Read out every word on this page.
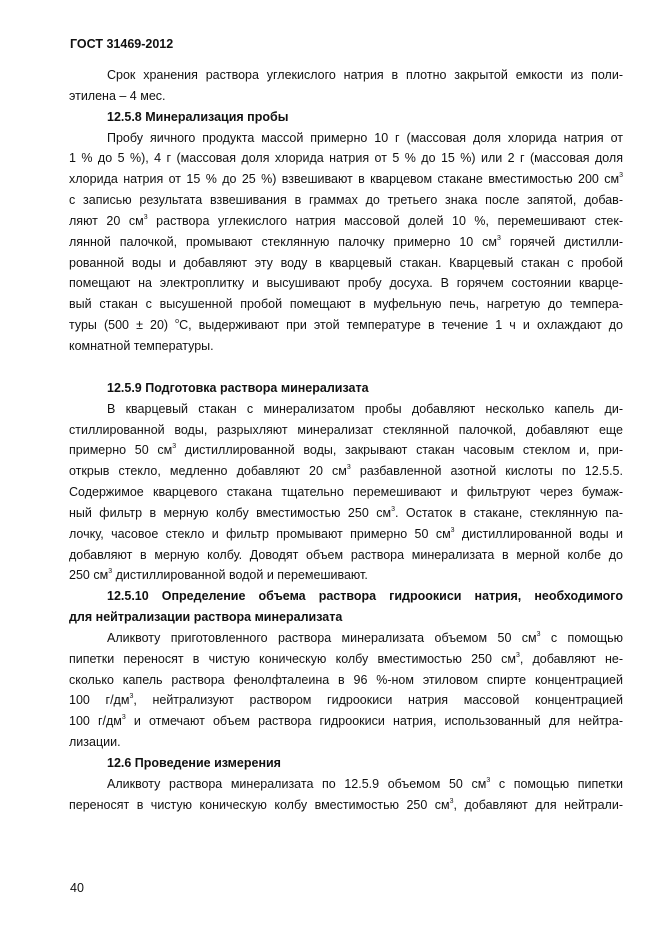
ГОСТ 31469-2012
Срок хранения раствора углекислого натрия в плотно закрытой емкости из поли-
этилена – 4 мес.
12.5.8 Минерализация пробы
Пробу яичного продукта массой примерно 10 г (массовая доля хлорида натрия от
1 % до 5 %), 4 г (массовая доля хлорида натрия от 5 % до 15 %) или 2 г (массовая доля
хлорида натрия от 15 % до 25 %) взвешивают в кварцевом стакане вместимостью 200 $см^3$
с записью результата взвешивания в граммах до третьего знака после запятой, добав-
ляют 20 $см^3$ раствора углекислого натрия массовой долей 10 %, перемешивают стек-
лянной палочкой, промывают стеклянную палочку примерно 10 $см^3$ горячей дистилли-
рованной воды и добавляют эту воду в кварцевый стакан. Кварцевый стакан с пробой
помещают на электроплитку и высушивают пробу досуха. В горячем состоянии кварце-
вый стакан с высушенной пробой помещают в муфельную печь, нагретую до темпера-
туры (500 ± 20) $^o$С, выдерживают при этой температуре в течение 1 ч и охлаждают до
комнатной температуры.
12.5.9 Подготовка раствора минерализата
В кварцевый стакан с минерализатом пробы добавляют несколько капель ди-
стиллированной воды, разрыхляют минерализат стеклянной палочкой, добавляют еще
примерно 50 $см^3$ дистиллированной воды, закрывают стакан часовым стеклом и, при-
открыв стекло, медленно добавляют 20 $см^3$ разбавленной азотной кислоты по 12.5.5.
Содержимое кварцевого стакана тщательно перемешивают и фильтруют через бумаж-
ный фильтр в мерную колбу вместимостью 250 $см^3$. Остаток в стакане, стеклянную па-
лочку, часовое стекло и фильтр промывают примерно 50 $см^3$ дистиллированной воды и
добавляют в мерную колбу. Доводят объем раствора минерализата в мерной колбе до
250 $см^3$ дистиллированной водой и перемешивают.
12.5.10 Определение объема раствора гидроокиси натрия, необходимого
для нейтрализации раствора минерализата
Аликвоту приготовленного раствора минерализата объемом 50 $см^3$ с помощью
пипетки переносят в чистую коническую колбу вместимостью 250 $см^3$, добавляют не-
сколько капель раствора фенолфталеина в 96 %-ном этиловом спирте концентрацией
100 $г/дм^3$, нейтрализуют раствором гидроокиси натрия массовой концентрацией
100 $г/дм^3$ и отмечают объем раствора гидроокиси натрия, использованный для нейтра-
лизации.
12.6 Проведение измерения
Аликвоту раствора минерализата по 12.5.9 объемом 50 $см^3$ с помощью пипетки
переносят в чистую коническую колбу вместимостью 250 $см^3$, добавляют для нейтрали-
40
